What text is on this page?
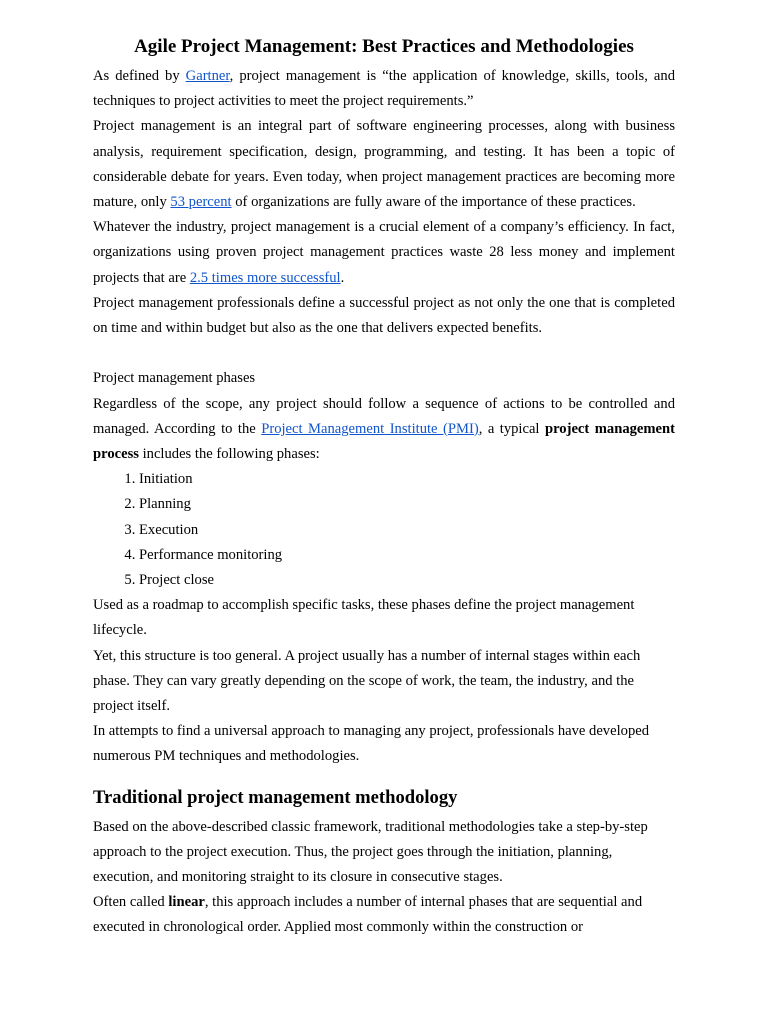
Agile Project Management: Best Practices and Methodologies

As defined by Gartner, project management is “the application of knowledge, skills, tools, and techniques to project activities to meet the project requirements.”

Project management is an integral part of software engineering processes, along with business analysis, requirement specification, design, programming, and testing. It has been a topic of considerable debate for years. Even today, when project management practices are becoming more mature, only 53 percent of organizations are fully aware of the importance of these practices.

Whatever the industry, project management is a crucial element of a company’s efficiency. In fact, organizations using proven project management practices waste 28 less money and implement projects that are 2.5 times more successful.

Project management professionals define a successful project as not only the one that is completed on time and within budget but also as the one that delivers expected benefits.

Project management phases

Regardless of the scope, any project should follow a sequence of actions to be controlled and managed. According to the Project Management Institute (PMI), a typical project management process includes the following phases:

1. Initiation
2. Planning
3. Execution
4. Performance monitoring
5. Project close

Used as a roadmap to accomplish specific tasks, these phases define the project management lifecycle.

Yet, this structure is too general. A project usually has a number of internal stages within each phase. They can vary greatly depending on the scope of work, the team, the industry, and the project itself.

In attempts to find a universal approach to managing any project, professionals have developed numerous PM techniques and methodologies.

Traditional project management methodology

Based on the above-described classic framework, traditional methodologies take a step-by-step approach to the project execution. Thus, the project goes through the initiation, planning, execution, and monitoring straight to its closure in consecutive stages.

Often called linear, this approach includes a number of internal phases that are sequential and executed in chronological order. Applied most commonly within the construction or
